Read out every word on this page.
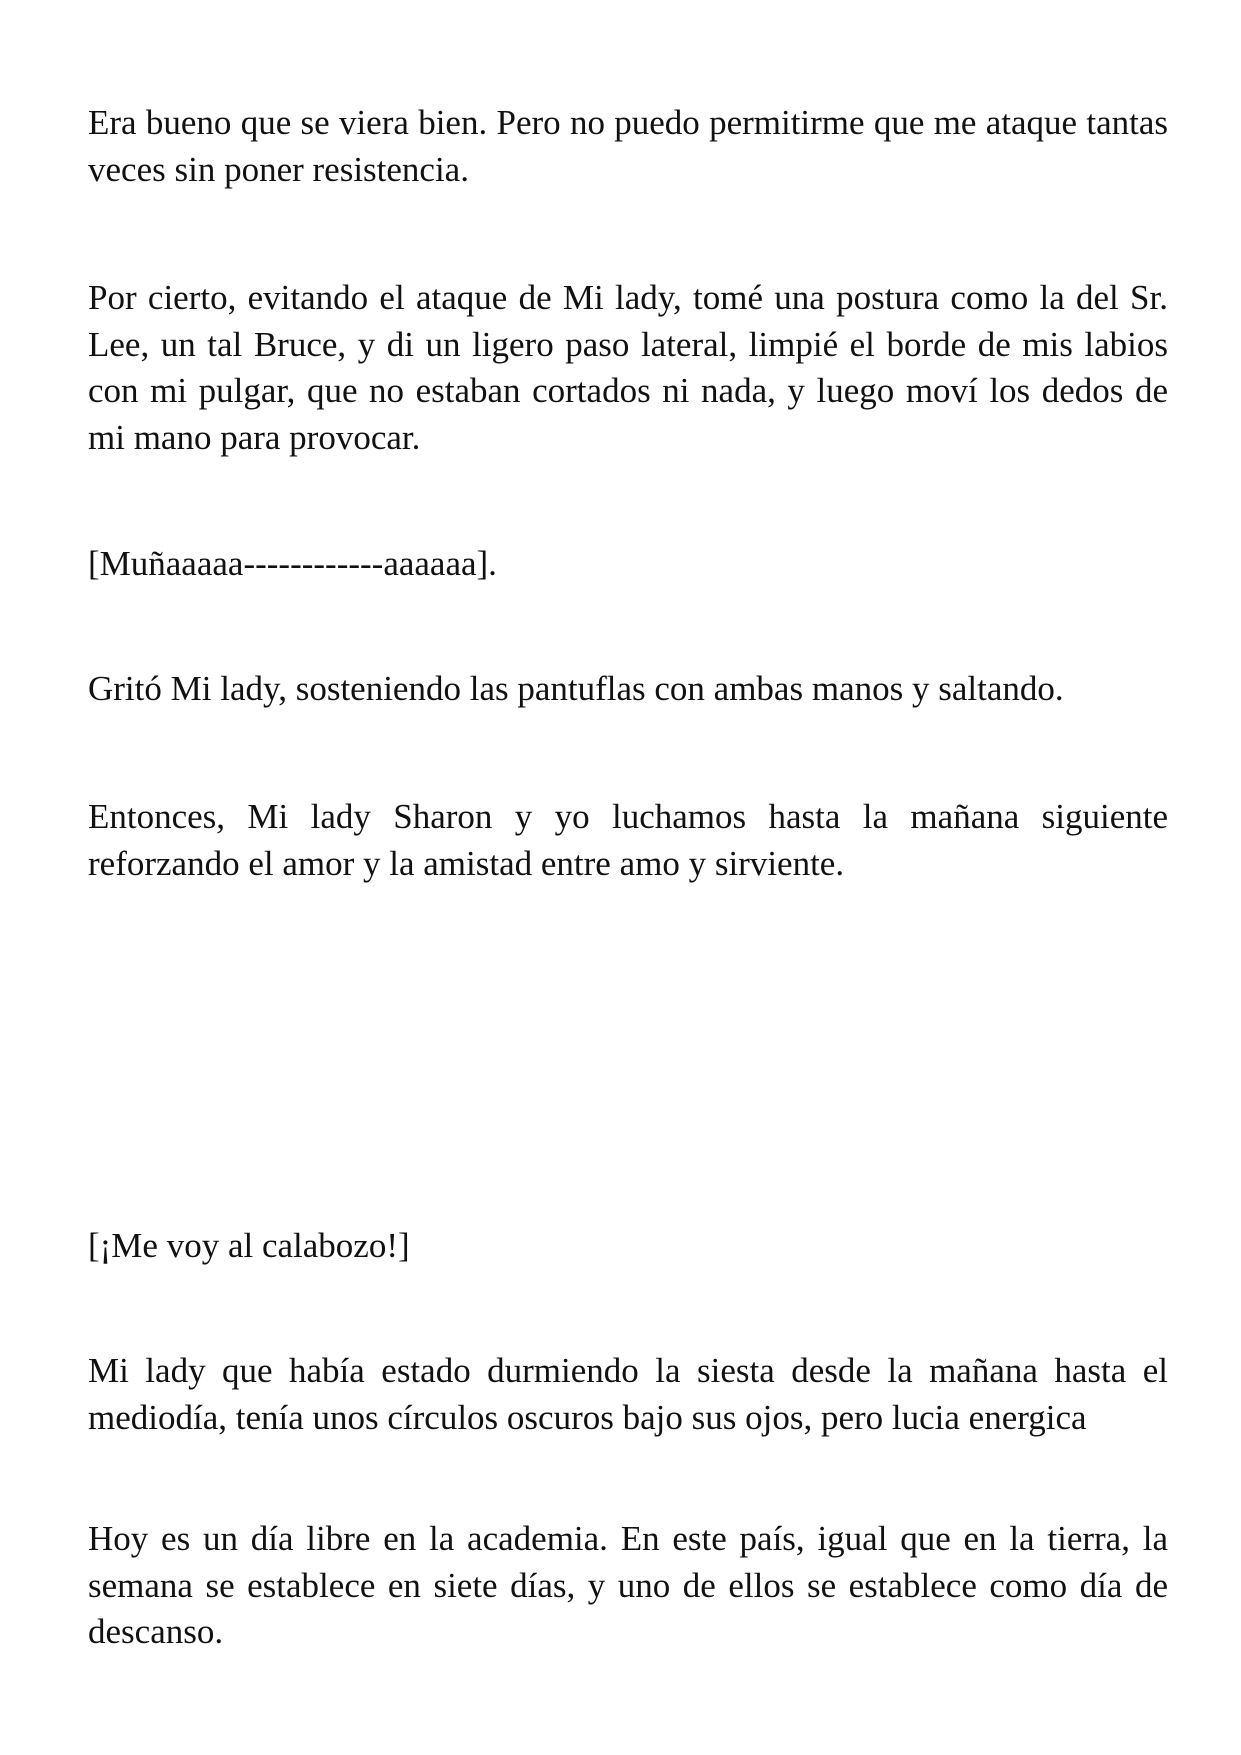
Era bueno que se viera bien. Pero no puedo permitirme que me ataque tantas veces sin poner resistencia.

Por cierto, evitando el ataque de Mi lady, tomé una postura como la del Sr. Lee, un tal Bruce, y di un ligero paso lateral, limpié el borde de mis labios con mi pulgar, que no estaban cortados ni nada, y luego moví los dedos de mi mano para provocar.

[Muñaaaaa------------aaaaaa].

Gritó Mi lady, sosteniendo las pantuflas con ambas manos y saltando.

Entonces, Mi lady Sharon y yo luchamos hasta la mañana siguiente reforzando el amor y la amistad entre amo y sirviente.

[¡Me voy al calabozo!]

Mi lady que había estado durmiendo la siesta desde la mañana hasta el mediodía, tenía unos círculos oscuros bajo sus ojos, pero lucia energica

Hoy es un día libre en la academia. En este país, igual que en la tierra, la semana se establece en siete días, y uno de ellos se establece como día de descanso.
